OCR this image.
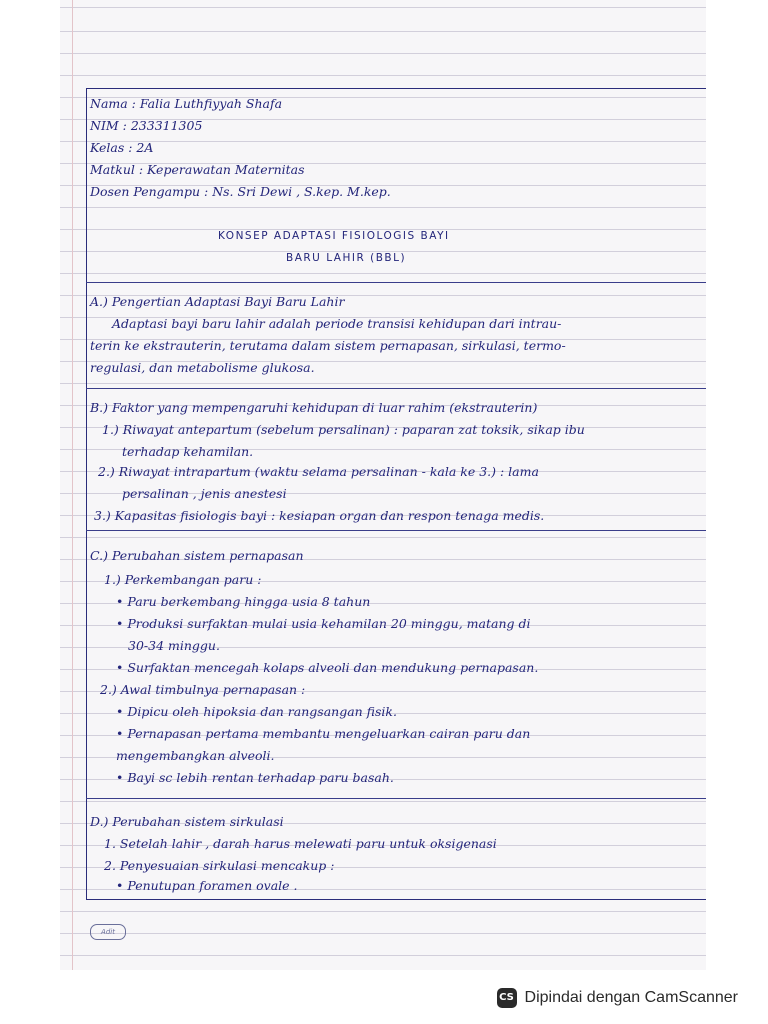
Nama : Falia Luthfiyyah Shafa
NIM : 233311305
Kelas : 2A
Matkul : Keperawatan Maternitas
Dosen Pengampu : Ns. Sri Dewi , S.kep. M.kep.
KONSEP ADAPTASI FISIOLOGIS BAYI
BARU LAHIR (BBL)
A.) Pengertian Adaptasi Bayi Baru Lahir
Adaptasi bayi baru lahir adalah periode transisi kehidupan dari intrau-
terin ke ekstrauterin, terutama dalam sistem pernapasan, sirkulasi, termo-
regulasi, dan metabolisme glukosa.
B.) Faktor yang mempengaruhi kehidupan di luar rahim (ekstrauterin)
1.) Riwayat antepartum (sebelum persalinan) : paparan zat toksik, sikap ibu
terhadap kehamilan.
2.) Riwayat intrapartum (waktu selama persalinan - kala ke 3.) : lama
persalinan , jenis anestesi
3.) Kapasitas fisiologis bayi : kesiapan organ dan respon tenaga medis.
C.) Perubahan sistem pernapasan
1.) Perkembangan paru :
• Paru berkembang hingga usia 8 tahun
• Produksi surfaktan mulai usia kehamilan 20 minggu, matang di
30-34 minggu.
• Surfaktan mencegah kolaps alveoli dan mendukung pernapasan.
2.) Awal timbulnya pernapasan :
• Dipicu oleh hipoksia dan rangsangan fisik.
• Pernapasan pertama membantu mengeluarkan cairan paru dan
mengembangkan alveoli.
• Bayi sc lebih rentan terhadap paru basah.
D.) Perubahan sistem sirkulasi
1. Setelah lahir , darah harus melewati paru untuk oksigenasi
2. Penyesuaian sirkulasi mencakup :
• Penutupan foramen ovale .
Adit
CS Dipindai dengan CamScanner
